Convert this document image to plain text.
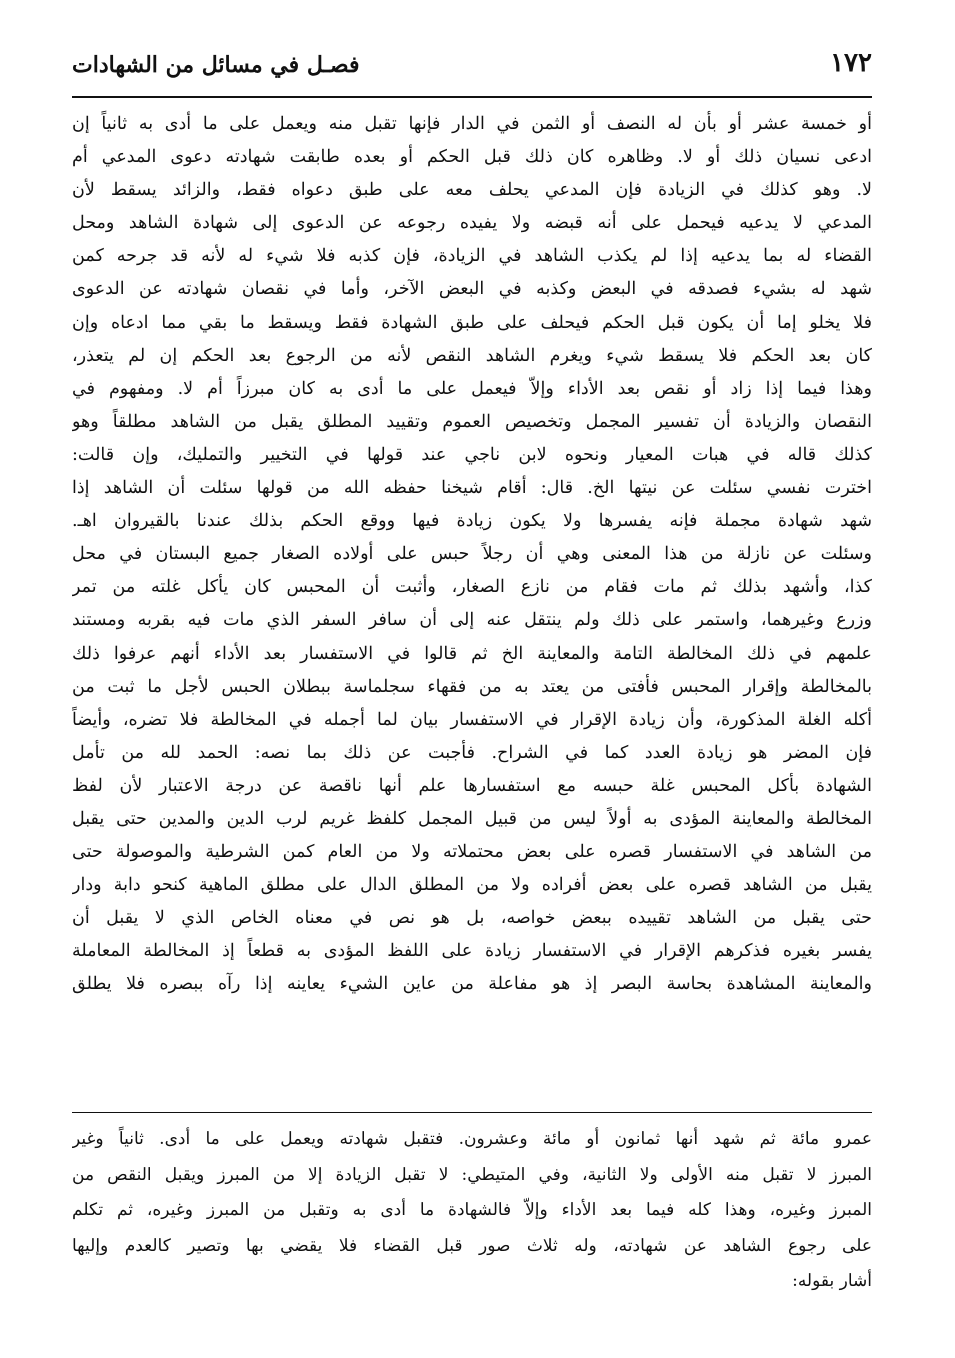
١٧٢
فصـل في مسائل من الشهادات
أو خمسة عشر أو بأن له النصف أو الثمن في الدار فإنها تقبل منه ويعمل على ما أدى به ثانياً إن
ادعى نسيان ذلك أو لا. وظاهره كان ذلك قبل الحكم أو بعده طابقت شهادته دعوى المدعي أم
لا. وهو كذلك في الزيادة فإن المدعي يحلف معه على طبق دعواه فقط، والزائد يسقط لأن
المدعي لا يدعيه فيحمل على أنه قبضه ولا يفيده رجوعه عن الدعوى إلى شهادة الشاهد ومحل
القضاء له بما يدعيه إذا لم يكذب الشاهد في الزيادة، فإن كذبه فلا شيء له لأنه قد جرحه كمن
شهد له بشيء فصدقه في البعض وكذبه في البعض الآخر، وأما في نقصان شهادته عن الدعوى
فلا يخلو إما أن يكون قبل الحكم فيحلف على طبق الشهادة فقط ويسقط ما بقي مما ادعاه وإن
كان بعد الحكم فلا يسقط شيء ويغرم الشاهد النقص لأنه من الرجوع بعد الحكم إن لم يتعذر،
وهذا فيما إذا زاد أو نقص بعد الأداء وإلاّ فيعمل على ما أدى به كان مبرزاً أم لا. ومفهوم في
النقصان والزيادة أن تفسير المجمل وتخصيص العموم وتقييد المطلق يقبل من الشاهد مطلقاً وهو
كذلك قاله في هبات المعيار ونحوه لابن ناجي عند قولها في التخيير والتمليك، وإن قالت:
اخترت نفسي سئلت عن نيتها الخ. قال: أقام شيخنا حفظه الله من قولها سئلت أن الشاهد إذا
شهد شهادة مجملة فإنه يفسرها ولا يكون زيادة فيها ووقع الحكم بذلك عندنا بالقيروان اهـ.
وسئلت عن نازلة من هذا المعنى وهي أن رجلاً حبس على أولاده الصغار جميع البستان في محل
كذا، وأشهد بذلك ثم مات فقام من نازع الصغار، وأثبت أن المحبس كان يأكل غلته من تمر
وزرع وغيرهما، واستمر على ذلك ولم ينتقل عنه إلى أن سافر السفر الذي مات فيه بقربه ومستند
علمهم في ذلك المخالطة التامة والمعاينة الخ ثم قالوا في الاستفسار بعد الأداء أنهم عرفوا ذلك
بالمخالطة وإقرار المحبس فأفتى من يعتد به من فقهاء سجلماسة ببطلان الحبس لأجل ما ثبت من
أكله الغلة المذكورة، وأن زيادة الإقرار في الاستفسار بيان لما أجمله في المخالطة فلا تضره، وأيضاً
فإن المضر هو زيادة العدد كما في الشراح. فأجبت عن ذلك بما نصه: الحمد لله من تأمل
الشهادة بأكل المحبس غلة حبسه مع استفسارها علم أنها ناقصة عن درجة الاعتبار لأن لفظ
المخالطة والمعاينة المؤدى به أولاً ليس من قبيل المجمل كلفظ غريم لرب الدين والمدين حتى يقبل
من الشاهد في الاستفسار قصره على بعض محتملاته ولا من العام كمن الشرطية والموصولة حتى
يقبل من الشاهد قصره على بعض أفراده ولا من المطلق الدال على مطلق الماهية كنحو دابة ودار
حتى يقبل من الشاهد تقييده ببعض خواصه، بل هو نص في معناه الخاص الذي لا يقبل أن
يفسر بغيره فذكرهم الإقرار في الاستفسار زيادة على اللفظ المؤدى به قطعاً إذ المخالطة المعاملة
والمعاينة المشاهدة بحاسة البصر إذ هو مفاعلة من عاين الشيء يعاينه إذا رآه ببصره فلا يطلق
عمرو مائة ثم شهد أنها ثمانون أو مائة وعشرون. فتقبل شهادته ويعمل على ما أدى. ثانياً وغير
المبرز لا تقبل منه الأولى ولا الثانية، وفي المتيطي: لا تقبل الزيادة إلا من المبرز ويقبل النقص من
المبرز وغيره، وهذا كله فيما بعد الأداء وإلاّ فالشهادة ما أدى به وتقبل من المبرز وغيره، ثم تكلم
على رجوع الشاهد عن شهادته، وله ثلاث صور قبل القضاء فلا يقضي بها وتصير كالعدم وإليها
أشار بقوله:
